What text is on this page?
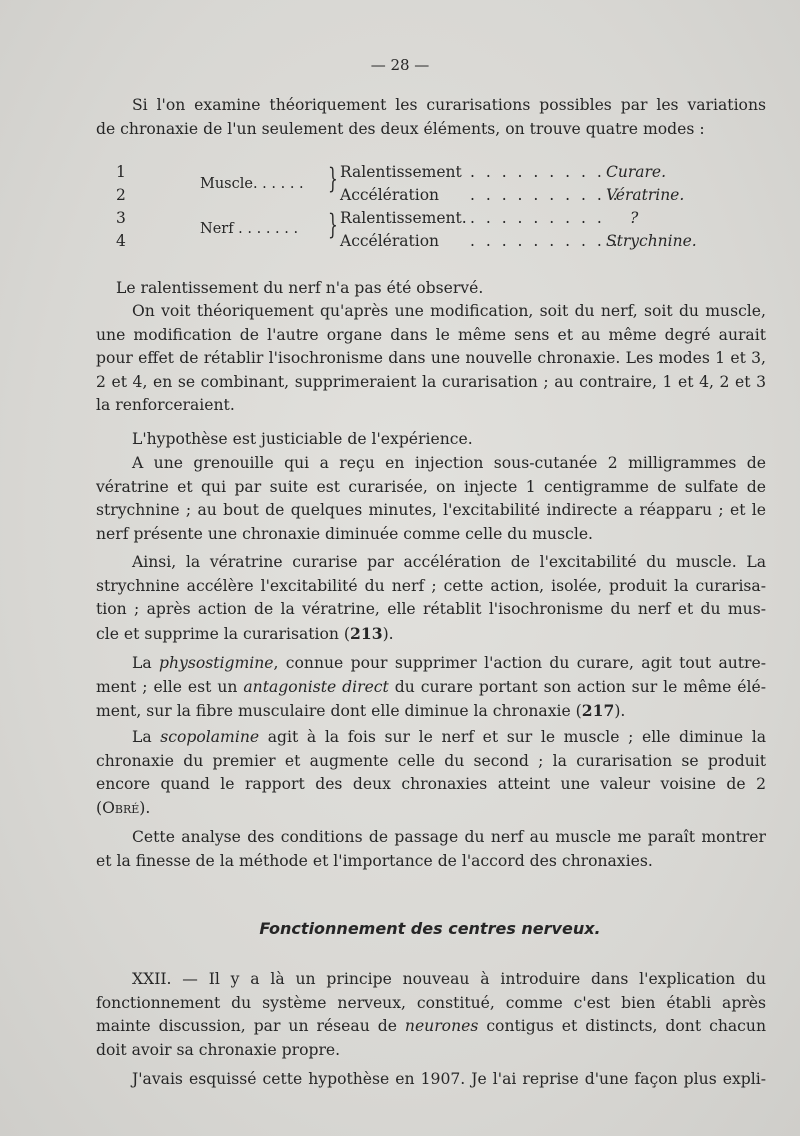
— 28 —

Si l'on examine théoriquement les curarisations possibles par les variations
de chronaxie de l'un seulement des deux éléments, on trouve quatre modes :

1
2
3
4
Muscle. . . . . .
Nerf . . . . . . .
}
}
Ralentissement
Accélération
Ralentissement.
Accélération
. . . . . . . . .
. . . . . . . . . .
. . . . . . . . .
. . . . . . . . . .
Curare.
Vératrine.
?
Strychnine.

Le ralentissement du nerf n'a pas été observé.

On voit théoriquement qu'après une modification, soit du nerf, soit du muscle,
une modification de l'autre organe dans le même sens et au même degré aurait
pour effet de rétablir l'isochronisme dans une nouvelle chronaxie. Les modes 1 et 3,
2 et 4, en se combinant, supprimeraient la curarisation ; au contraire, 1 et 4, 2 et 3
la renforceraient.

L'hypothèse est justiciable de l'expérience.

A une grenouille qui a reçu en injection sous-cutanée 2 milligrammes de
vératrine et qui par suite est curarisée, on injecte 1 centigramme de sulfate de
strychnine ; au bout de quelques minutes, l'excitabilité indirecte a réapparu ; et le
nerf présente une chronaxie diminuée comme celle du muscle.

Ainsi, la vératrine curarise par accélération de l'excitabilité du muscle. La
strychnine accélère l'excitabilité du nerf ; cette action, isolée, produit la curarisa-
tion ; après action de la vératrine, elle rétablit l'isochronisme du nerf et du mus-
cle et supprime la curarisation (213).

La physostigmine, connue pour supprimer l'action du curare, agit tout autre-
ment ; elle est un antagoniste direct du curare portant son action sur le même élé-
ment, sur la fibre musculaire dont elle diminue la chronaxie (217).

La scopolamine agit à la fois sur le nerf et sur le muscle ; elle diminue la
chronaxie du premier et augmente celle du second ; la curarisation se produit
encore quand le rapport des deux chronaxies atteint une valeur voisine de 2
(Obré).

Cette analyse des conditions de passage du nerf au muscle me paraît montrer
et la finesse de la méthode et l'importance de l'accord des chronaxies.

Fonctionnement des centres nerveux.

XXII. — Il y a là un principe nouveau à introduire dans l'explication du
fonctionnement du système nerveux, constitué, comme c'est bien établi après
mainte discussion, par un réseau de neurones contigus et distincts, dont chacun
doit avoir sa chronaxie propre.

J'avais esquissé cette hypothèse en 1907. Je l'ai reprise d'une façon plus expli-
